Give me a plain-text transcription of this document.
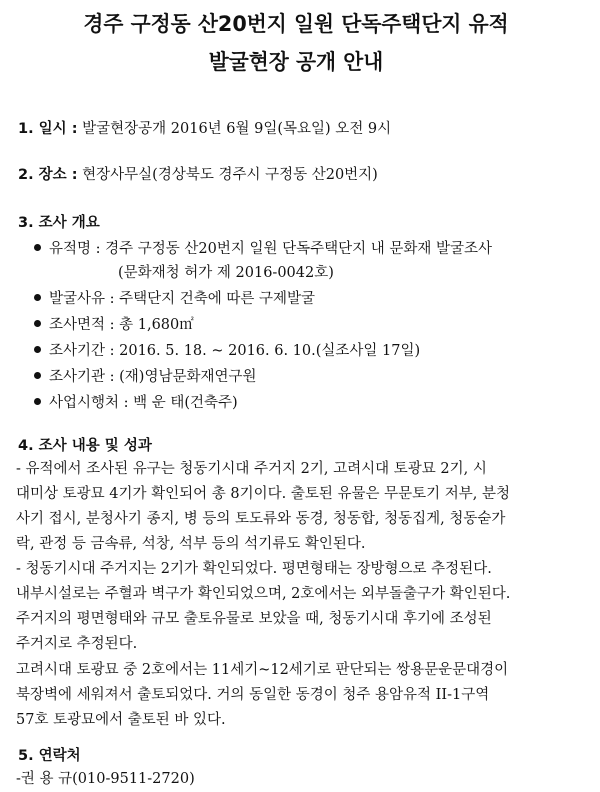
경주 구정동 산20번지 일원 단독주택단지 유적
발굴현장 공개 안내
1. 일시 : 발굴현장공개 2016년 6월 9일(목요일) 오전 9시
2. 장소 : 현장사무실(경상북도 경주시 구정동 산20번지)
3. 조사 개요
유적명 : 경주 구정동 산20번지 일원 단독주택단지 내 문화재 발굴조사
(문화재청 허가 제 2016-0042호)
발굴사유 : 주택단지 건축에 따른 구제발굴
조사면적 : 총 1,680㎡
조사기간 : 2016. 5. 18. ~ 2016. 6. 10.(실조사일 17일)
조사기관 : (재)영남문화재연구원
사업시행처 : 백 운 태(건축주)
4. 조사 내용 및 성과
- 유적에서 조사된 유구는 청동기시대 주거지 2기, 고려시대 토광묘 2기, 시
대미상 토광묘 4기가 확인되어 총 8기이다. 출토된 유물은 무문토기 저부, 분청
사기 접시, 분청사기 종지, 병 등의 토도류와 동경, 청동합, 청동집게, 청동숟가
락, 관정 등 금속류, 석창, 석부 등의 석기류도 확인된다.
- 청동기시대 주거지는 2기가 확인되었다. 평면형태는 장방형으로 추정된다.
내부시설로는 주혈과 벽구가 확인되었으며, 2호에서는 외부돌출구가 확인된다.
주거지의 평면형태와 규모 출토유물로 보았을 때, 청동기시대 후기에 조성된
주거지로 추정된다.
고려시대 토광묘 중 2호에서는 11세기~12세기로 판단되는 쌍용문운문대경이
북장벽에 세워져서 출토되었다. 거의 동일한 동경이 청주 용암유적 II-1구역
57호 토광묘에서 출토된 바 있다.
5. 연락처
-권 용 규(010-9511-2720)
